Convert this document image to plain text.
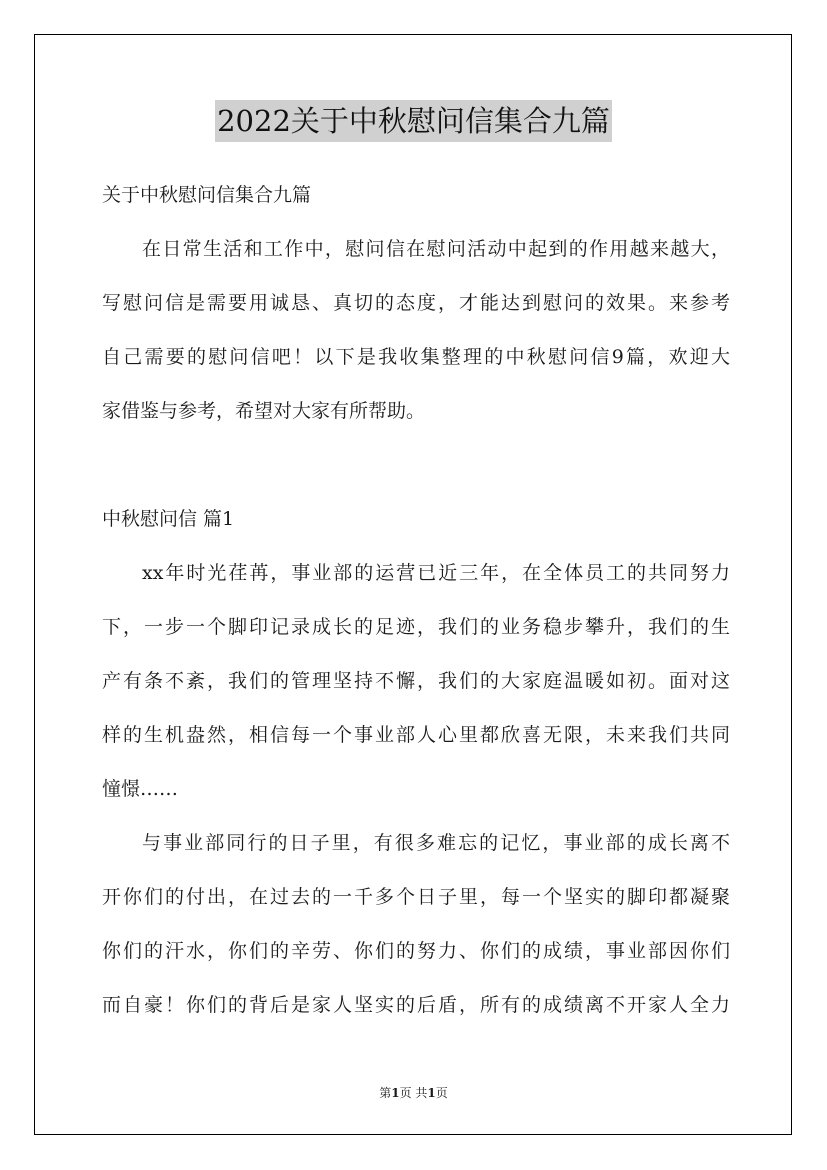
2022关于中秋慰问信集合九篇
关于中秋慰问信集合九篇
在日常生活和工作中，慰问信在慰问活动中起到的作用越来越大，
写慰问信是需要用诚恳、真切的态度，才能达到慰问的效果。来参考
自己需要的慰问信吧！以下是我收集整理的中秋慰问信9篇，欢迎大
家借鉴与参考，希望对大家有所帮助。
中秋慰问信 篇1
xx年时光荏苒，事业部的运营已近三年，在全体员工的共同努力
下，一步一个脚印记录成长的足迹，我们的业务稳步攀升，我们的生
产有条不紊，我们的管理坚持不懈，我们的大家庭温暖如初。面对这
样的生机盎然，相信每一个事业部人心里都欣喜无限，未来我们共同
憧憬……
与事业部同行的日子里，有很多难忘的记忆，事业部的成长离不
开你们的付出，在过去的一千多个日子里，每一个坚实的脚印都凝聚
你们的汗水，你们的辛劳、你们的努力、你们的成绩，事业部因你们
而自豪！你们的背后是家人坚实的后盾，所有的成绩离不开家人全力
第1页 共1页
